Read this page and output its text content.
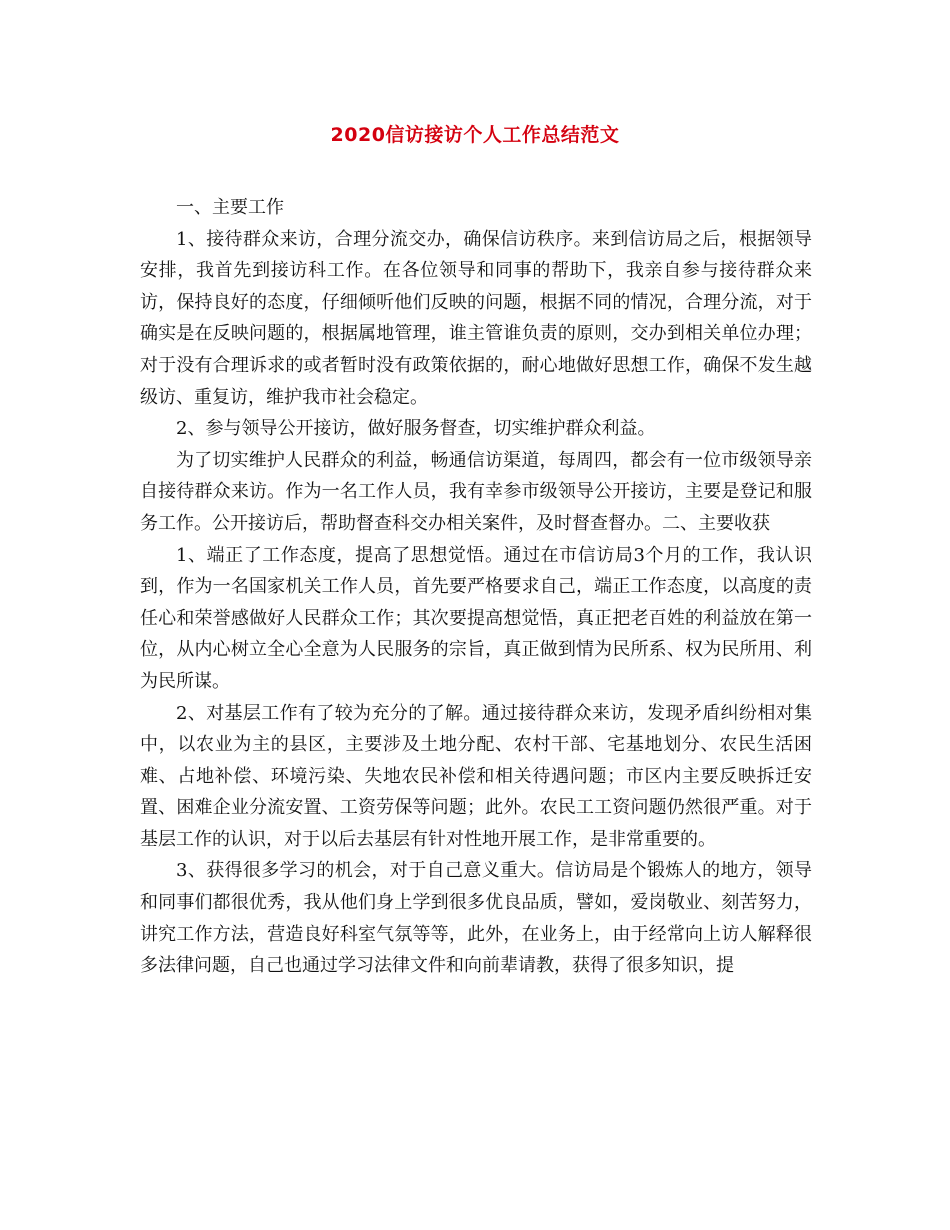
2020信访接访个人工作总结范文

一、主要工作

1、接待群众来访，合理分流交办，确保信访秩序。来到信访局之后，根据领导安排，我首先到接访科工作。在各位领导和同事的帮助下，我亲自参与接待群众来访，保持良好的态度，仔细倾听他们反映的问题，根据不同的情况，合理分流，对于确实是在反映问题的，根据属地管理，谁主管谁负责的原则，交办到相关单位办理；对于没有合理诉求的或者暂时没有政策依据的，耐心地做好思想工作，确保不发生越级访、重复访，维护我市社会稳定。

2、参与领导公开接访，做好服务督查，切实维护群众利益。

为了切实维护人民群众的利益，畅通信访渠道，每周四，都会有一位市级领导亲自接待群众来访。作为一名工作人员，我有幸参市级领导公开接访，主要是登记和服务工作。公开接访后，帮助督查科交办相关案件，及时督查督办。二、主要收获

1、端正了工作态度，提高了思想觉悟。通过在市信访局3个月的工作，我认识到，作为一名国家机关工作人员，首先要严格要求自己，端正工作态度，以高度的责任心和荣誉感做好人民群众工作；其次要提高想觉悟，真正把老百姓的利益放在第一位，从内心树立全心全意为人民服务的宗旨，真正做到情为民所系、权为民所用、利为民所谋。

2、对基层工作有了较为充分的了解。通过接待群众来访，发现矛盾纠纷相对集中，以农业为主的县区，主要涉及土地分配、农村干部、宅基地划分、农民生活困难、占地补偿、环境污染、失地农民补偿和相关待遇问题；市区内主要反映拆迁安置、困难企业分流安置、工资劳保等问题；此外。农民工工资问题仍然很严重。对于基层工作的认识，对于以后去基层有针对性地开展工作，是非常重要的。

3、获得很多学习的机会，对于自己意义重大。信访局是个锻炼人的地方，领导和同事们都很优秀，我从他们身上学到很多优良品质，譬如，爱岗敬业、刻苦努力，讲究工作方法，营造良好科室气氛等等，此外，在业务上，由于经常向上访人解释很多法律问题，自己也通过学习法律文件和向前辈请教，获得了很多知识，提
